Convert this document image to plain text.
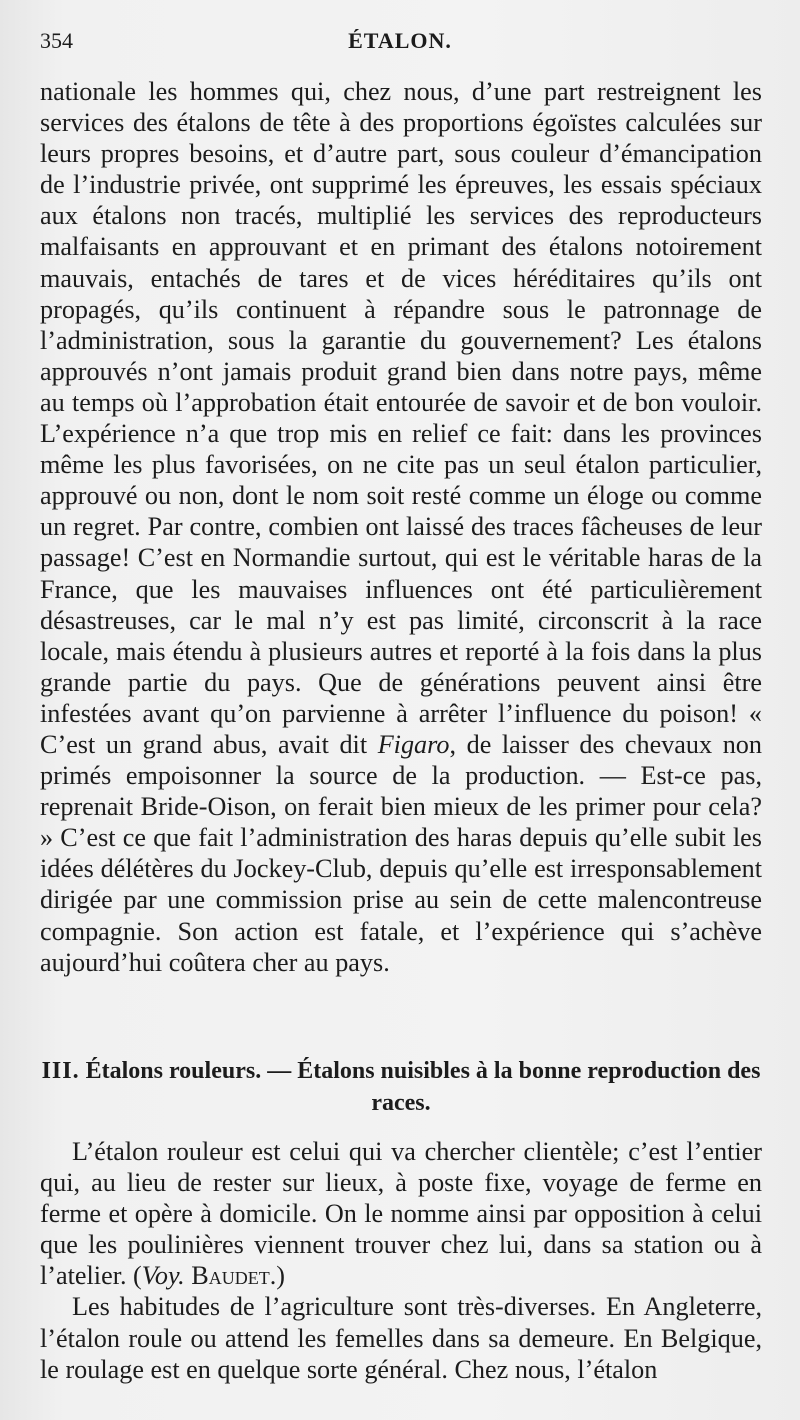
354	ÉTALON.

nationale les hommes qui, chez nous, d’une part restreignent les services des étalons de tête à des proportions égoïstes calculées sur leurs propres besoins, et d’autre part, sous couleur d’émancipation de l’industrie privée, ont supprimé les épreuves, les essais spéciaux aux étalons non tracés, multiplié les services des reproducteurs malfaisants en approuvant et en primant des étalons notoirement mauvais, entachés de tares et de vices héréditaires qu’ils ont propagés, qu’ils continuent à répandre sous le patronnage de l’administration, sous la garantie du gouvernement? Les étalons approuvés n’ont jamais produit grand bien dans notre pays, même au temps où l’approbation était entourée de savoir et de bon vouloir. L’expérience n’a que trop mis en relief ce fait: dans les provinces même les plus favorisées, on ne cite pas un seul étalon particulier, approuvé ou non, dont le nom soit resté comme un éloge ou comme un regret. Par contre, combien ont laissé des traces fâcheuses de leur passage! C’est en Normandie surtout, qui est le véritable haras de la France, que les mauvaises influences ont été particulièrement désastreuses, car le mal n’y est pas limité, circonscrit à la race locale, mais étendu à plusieurs autres et reporté à la fois dans la plus grande partie du pays. Que de générations peuvent ainsi être infestées avant qu’on parvienne à arrêter l’influence du poison! « C’est un grand abus, avait dit Figaro, de laisser des chevaux non primés empoisonner la source de la production. — Est-ce pas, reprenait Bride-Oison, on ferait bien mieux de les primer pour cela? » C’est ce que fait l’administration des haras depuis qu’elle subit les idées délétères du Jockey-Club, depuis qu’elle est irresponsablement dirigée par une commission prise au sein de cette malencontreuse compagnie. Son action est fatale, et l’expérience qui s’achève aujourd’hui coûtera cher au pays.

III. Étalons rouleurs. — Étalons nuisibles à la bonne reproduction des races.

L’étalon rouleur est celui qui va chercher clientèle; c’est l’entier qui, au lieu de rester sur lieux, à poste fixe, voyage de ferme en ferme et opère à domicile. On le nomme ainsi par opposition à celui que les poulinières viennent trouver chez lui, dans sa station ou à l’atelier. (Voy. Baudet.)

Les habitudes de l’agriculture sont très-diverses. En Angleterre, l’étalon roule ou attend les femelles dans sa demeure. En Belgique, le roulage est en quelque sorte général. Chez nous, l’étalon
